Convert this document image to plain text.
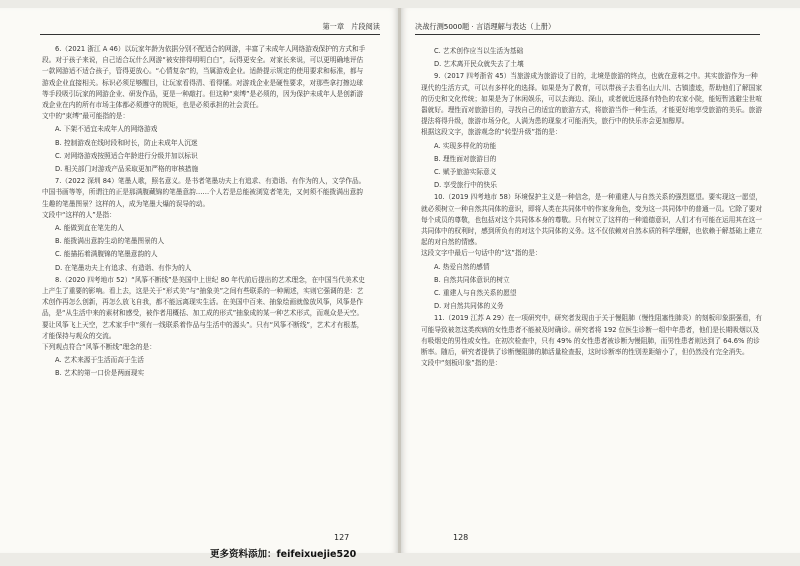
第一章　片段阅读

6.（2021 浙江 A 46）以玩家年龄为依据分别不配适合的网游，丰富了未成年人网络游戏保护的方式和手段。对于孩子来说，自己适合玩什么网游“被安排得明明白白”，玩得更安全。对家长来说，可以更明确地评估一款网游适不适合孩子，管得更放心。“心情复杂”的，当属游戏企业。适龄提示规定的使用要求和标准，都与游戏企业直接相关。标识必须足够醒目，让玩家看得清、看得懂。对游戏企业是硬性要求，对那些拿打擦边球等手段吸引玩家的网游企业、研发作品，更是一种敲打。但这种“束缚”是必须的，因为保护未成年人是创新游戏企业在内的所有市场主体都必须遵守的规矩，也是必须承担的社会责任。

文中的“束缚”最可能指的是：

A. 下架不适宜未成年人的网络游戏

B. 控制游戏在线时段和时长，防止未成年人沉迷

C. 对网络游戏按照适合年龄进行分级并加以标识

D. 相关部门对游戏产品采取更加严格的审核措施

7.（2022 深圳 84）笔墨人歌，照名意义。是书者笔墨功夫上有追求、有造诣、有作为的人，文学作品。中国书画等等，所谓注的正是那满腹藏锦的笔墨意韵……个人若是总能被浏览者笔先，又何须不能拨满出意韵生趣的笔墨图景？这样的人，成为笔墨大爆的误导的动。

文段中“这样的人”是指：

A. 能做到直在笔先的人

B. 能拨满出意韵生动的笔墨图景的人

C. 能描拓着满腹锦的笔墨意韵的人

D. 在笔墨功夫上有追求、有造诣、有作为的人

8.（2020 四考地市 52）“风筝不断线”是美国中上世纪 80 年代前后提出的艺术理念，在中国当代美术史上产生了重要的影响。看上去，这是关于“形式美”与“抽象美”之间有些联系的一种阐述，实则它强调的是：艺术创作再怎么创新，再怎么放飞自我，都不能远离现实生活。在美国中百来、抽象绘画就像放风筝，风筝是作品，是“从生活中来的素材和感受，被作者用概括、加工成的形式”抽象成的某一种艺术形式，而观众是天空。要让风筝飞上天空，艺术家手中“须有一线联系着作品与生活中的源头”。只有“风筝不断线”，艺术才有根基，才能保持与观众的交流。

下列观点符合“风筝不断线”理念的是：

A. 艺术来源于生活而高于生活

B. 艺术的第一口价是两面现实

127
决战行测5000题 · 言语理解与表达（上册）

C. 艺术创作应当以生活为基础

D. 艺术离开民众就失去了土壤

9.（2017 四考浙省 45）当旅游成为旅游设了目的，北境是旅游的终点，也就在意料之中。其实旅游作为一种现代的生活方式，可以有多样化的选择。如果是为了教育，可以带孩子去看名山大川、古镇遗迹，帮助他们了解国家的历史和文化传统；如果是为了休闲娱乐，可以去海边、深山，或者就近选择有特色的农家小院，能短暂逃避尘世喧嚣就好。理性而对旅游目的，寻找自己的适宜的旅游方式，将旅游当作一种生活，才能更好地享受旅游的美乐。旅游提法将得升级，旅游市场分化，人满为患的现象才可能消失，旅行中的快乐亦会更加醇厚。

根据这段文字，旅游观念的“转型升级”指的是：

A. 实现多样化的功能

B. 理性面对旅游目的

C. 赋予旅游实际意义

D. 享受旅行中的快乐

10.（2019 四考地市 58）环境保护主义是一种信念，是一种重建人与自然关系的强烈愿望。要实现这一愿望，就必须树立一种自然共同体的意识，即将人类在共同体中的作家身角色，变为这一共同体中的普通一员。它除了要对每个成员的尊敬，也包括对这个共同体本身的尊敬。只有树立了这样的一种道德意识，人们才有可能在运用其在这一共同体中的权利时，感到所负有的对这个共同体的义务。这不仅依赖对自然本质的科学理解，也依赖于解基础上建立起的对自然的情感。

这段文字中最后一句话中的“这”指的是：

A. 热爱自然的感情

B. 自然共同体意识的树立

C. 重建人与自然关系的愿望

D. 对自然共同体的义务

11.（2019 江苏 A 29）在一项研究中，研究者发现由于关于慢阻肺（慢性阻塞性肺炎）的刻板印象据强看，有可能导致被忽这类疾病的女性患者不能被及时确诊。研究者将 192 位医生诊断一组中年患者，他们是长期吸烟以及有吸烟史的男性或女性。在初次检查中，只有 49% 的女性患者被诊断为慢阻肺，而男性患者则达到了 64.6% 的诊断率。随后，研究者提供了诊断慢阻肺的肺活量检查报，这时诊断率的性别差距缩小了，但仍然没有完全消失。

文段中“刻板印象”指的是：

128
更多资料添加：feifeixuejie520
